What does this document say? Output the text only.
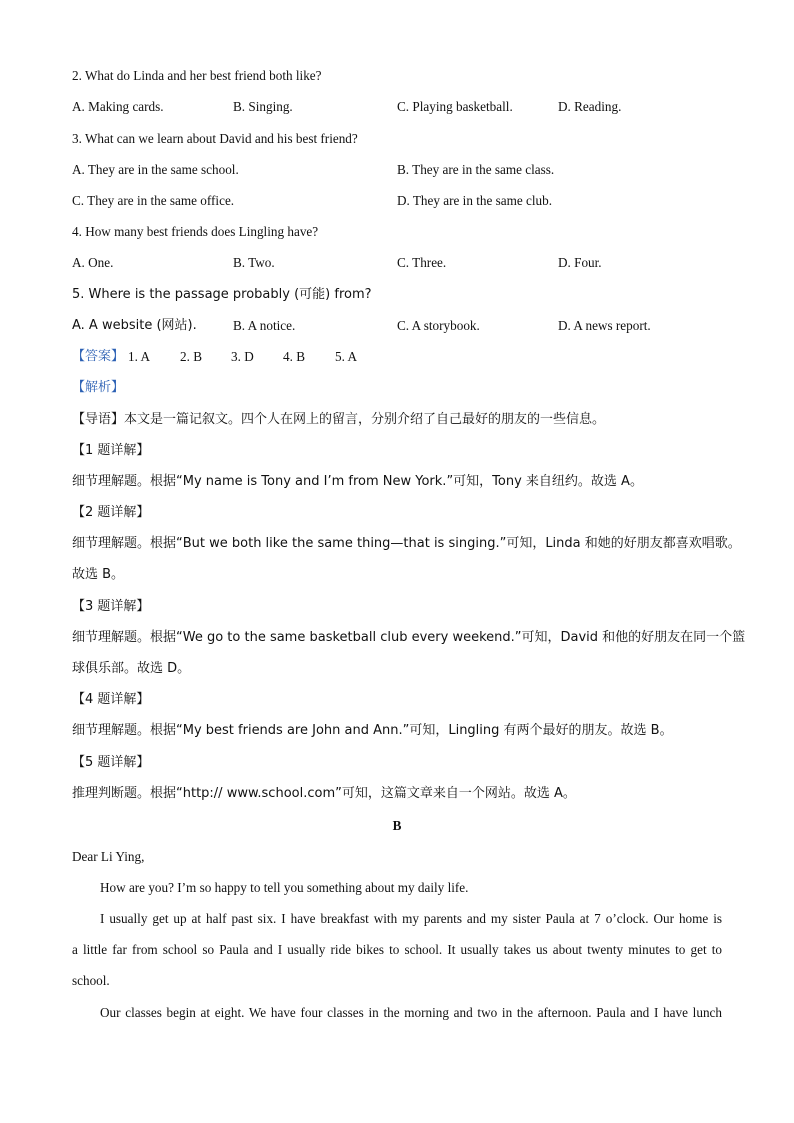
2. What do Linda and her best friend both like?
A. Making cards.	B. Singing.	C. Playing basketball.	D. Reading.
3. What can we learn about David and his best friend?
A. They are in the same school.	B. They are in the same class.
C. They are in the same office.	D. They are in the same club.
4. How many best friends does Lingling have?
A. One.	B. Two.	C. Three.	D. Four.
5. Where is the passage probably (可能) from?
A. A website (网站).	B. A notice.	C. A storybook.	D. A news report.
【答案】 1. A 2. B 3. D 4. B 5. A
【解析】
【导语】本文是一篇记叙文。四个人在网上的留言，分别介绍了自己最好的朋友的一些信息。
【1 题详解】
细节理解题。根据“My name is Tony and I’m from New York.”可知，Tony 来自纽约。故选 A。
【2 题详解】
细节理解题。根据“But we both like the same thing—that is singing.”可知，Linda 和她的好朋友都喜欢唱歌。
故选 B。
【3 题详解】
细节理解题。根据“We go to the same basketball club every weekend.”可知，David 和他的好朋友在同一个篮
球俱乐部。故选 D。
【4 题详解】
细节理解题。根据“My best friends are John and Ann.”可知，Lingling 有两个最好的朋友。故选 B。
【5 题详解】
推理判断题。根据“http:// www.school.com”可知，这篇文章来自一个网站。故选 A。
B
Dear Li Ying,
How are you? I’m so happy to tell you something about my daily life.
I usually get up at half past six. I have breakfast with my parents and my sister Paula at 7 o’clock. Our home is
a little far from school so Paula and I usually ride bikes to school. It usually takes us about twenty minutes to get to
school.
Our classes begin at eight. We have four classes in the morning and two in the afternoon. Paula and I have lunch
